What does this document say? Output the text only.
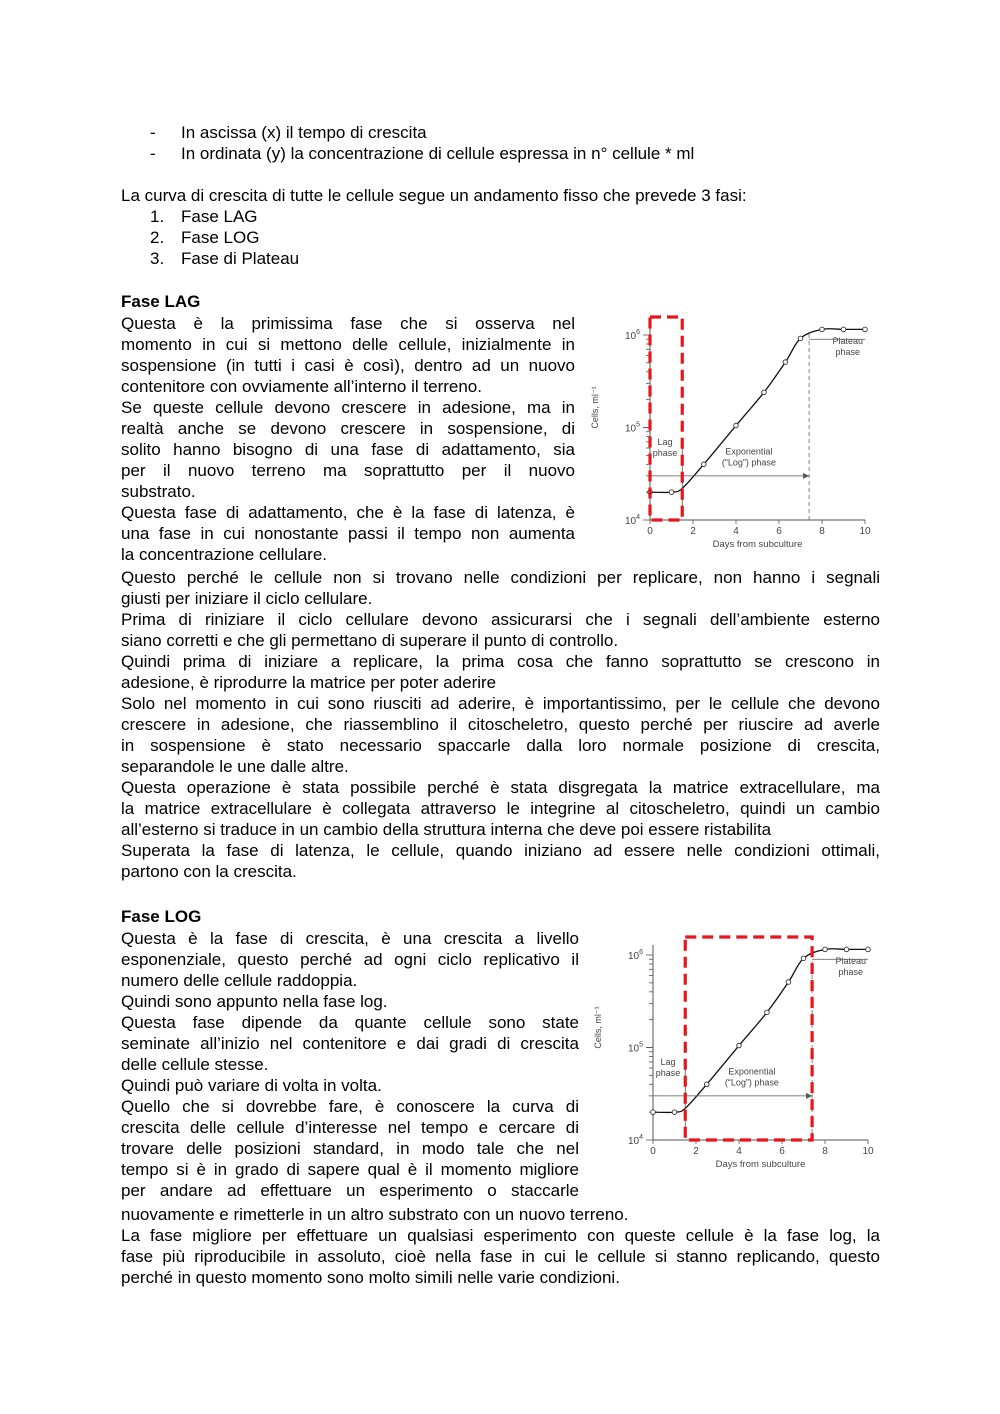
- In ascissa (x) il tempo di crescita
- In ordinata (y) la concentrazione di cellule espressa in n° cellule * ml
La curva di crescita di tutte le cellule segue un andamento fisso che prevede 3 fasi:
1. Fase LAG
2. Fase LOG
3. Fase di Plateau
Fase LAG
Questa è la primissima fase che si osserva nel
momento in cui si mettono delle cellule, inizialmente in
sospensione (in tutti i casi è così), dentro ad un nuovo
contenitore con ovviamente all’interno il terreno.
Se queste cellule devono crescere in adesione, ma in
realtà anche se devono crescere in sospensione, di
solito hanno bisogno di una fase di adattamento, sia
per il nuovo terreno ma soprattutto per il nuovo
substrato.
Questa fase di adattamento, che è la fase di latenza, è
una fase in cui nonostante passi il tempo non aumenta
la concentrazione cellulare.
Questo perché le cellule non si trovano nelle condizioni per replicare, non hanno i segnali
giusti per iniziare il ciclo cellulare.
Prima di riniziare il ciclo cellulare devono assicurarsi che i segnali dell’ambiente esterno
siano corretti e che gli permettano di superare il punto di controllo.
Quindi prima di iniziare a replicare, la prima cosa che fanno soprattutto se crescono in
adesione, è riprodurre la matrice per poter aderire
Solo nel momento in cui sono riusciti ad aderire, è importantissimo, per le cellule che devono
crescere in adesione, che riassemblino il citoscheletro, questo perché per riuscire ad averle
in sospensione è stato necessario spaccarle dalla loro normale posizione di crescita,
separandole le une dalle altre.
Questa operazione è stata possibile perché è stata disgregata la matrice extracellulare, ma
la matrice extracellulare è collegata attraverso le integrine al citoscheletro, quindi un cambio
all’esterno si traduce in un cambio della struttura interna che deve poi essere ristabilita
Superata la fase di latenza, le cellule, quando iniziano ad essere nelle condizioni ottimali,
partono con la crescita.
$10^4$
$10^5$
$10^6$
0	2	4	6	8	10
Days from subculture
Cells, ml⁻¹
Lag
phase	Exponential
(“Log”) phase
Plateau
phase
Fase LOG
Questa è la fase di crescita, è una crescita a livello
esponenziale, questo perché ad ogni ciclo replicativo il
numero delle cellule raddoppia.
Quindi sono appunto nella fase log.
Questa fase dipende da quante cellule sono state
seminate all’inizio nel contenitore e dai gradi di crescita
delle cellule stesse.
Quindi può variare di volta in volta.
Quello che si dovrebbe fare, è conoscere la curva di
crescita delle cellule d’interesse nel tempo e cercare di
trovare delle posizioni standard, in modo tale che nel
tempo si è in grado di sapere qual è il momento migliore
per andare ad effettuare un esperimento o staccarle
nuovamente e rimetterle in un altro substrato con un nuovo terreno.
La fase migliore per effettuare un qualsiasi esperimento con queste cellule è la fase log, la
fase più riproducibile in assoluto, cioè nella fase in cui le cellule si stanno replicando, questo
perché in questo momento sono molto simili nelle varie condizioni.
$10^4$
$10^5$
$10^6$
0	2	4	6	8	10
Days from subculture
Cells, ml⁻¹
Lag
phase	Exponential
(“Log”) phase
Plateau
phase
